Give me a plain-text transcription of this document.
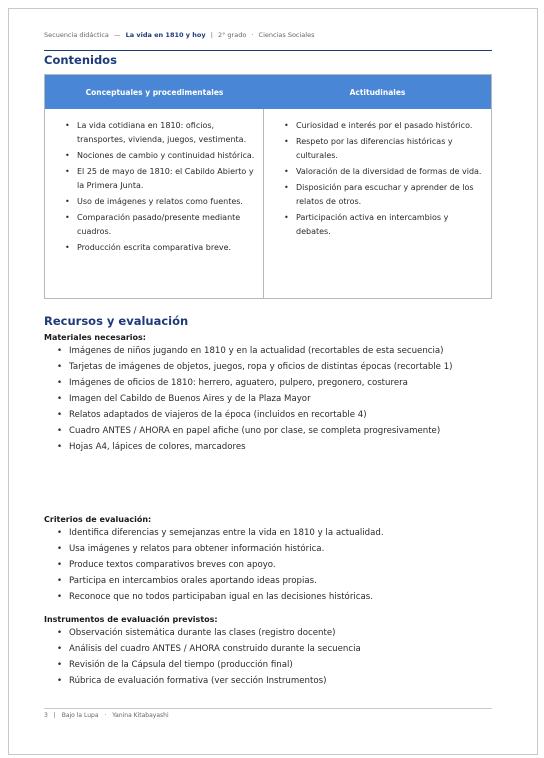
Secuencia didáctica — La vida en 1810 y hoy | 2° grado · Ciencias Sociales
Contenidos
Conceptuales y procedimentales	Actitudinales
• La vida cotidiana en 1810: oficios, transportes, vivienda, juegos, vestimenta.
• Nociones de cambio y continuidad histórica.
• El 25 de mayo de 1810: el Cabildo Abierto y la Primera Junta.
• Uso de imágenes y relatos como fuentes.
• Comparación pasado/presente mediante cuadros.
• Producción escrita comparativa breve.
• Curiosidad e interés por el pasado histórico.
• Respeto por las diferencias históricas y culturales.
• Valoración de la diversidad de formas de vida.
• Disposición para escuchar y aprender de los relatos de otros.
• Participación activa en intercambios y debates.
Recursos y evaluación
Materiales necesarios:
• Imágenes de niños jugando en 1810 y en la actualidad (recortables de esta secuencia)
• Tarjetas de imágenes de objetos, juegos, ropa y oficios de distintas épocas (recortable 1)
• Imágenes de oficios de 1810: herrero, aguatero, pulpero, pregonero, costurera
• Imagen del Cabildo de Buenos Aires y de la Plaza Mayor
• Relatos adaptados de viajeros de la época (incluidos en recortable 4)
• Cuadro ANTES / AHORA en papel afiche (uno por clase, se completa progresivamente)
• Hojas A4, lápices de colores, marcadores
Criterios de evaluación:
• Identifica diferencias y semejanzas entre la vida en 1810 y la actualidad.
• Usa imágenes y relatos para obtener información histórica.
• Produce textos comparativos breves con apoyo.
• Participa en intercambios orales aportando ideas propias.
• Reconoce que no todos participaban igual en las decisiones históricas.
Instrumentos de evaluación previstos:
• Observación sistemática durante las clases (registro docente)
• Análisis del cuadro ANTES / AHORA construido durante la secuencia
• Revisión de la Cápsula del tiempo (producción final)
• Rúbrica de evaluación formativa (ver sección Instrumentos)
3 | Bajo la Lupa · Yanina Kitabayashi
